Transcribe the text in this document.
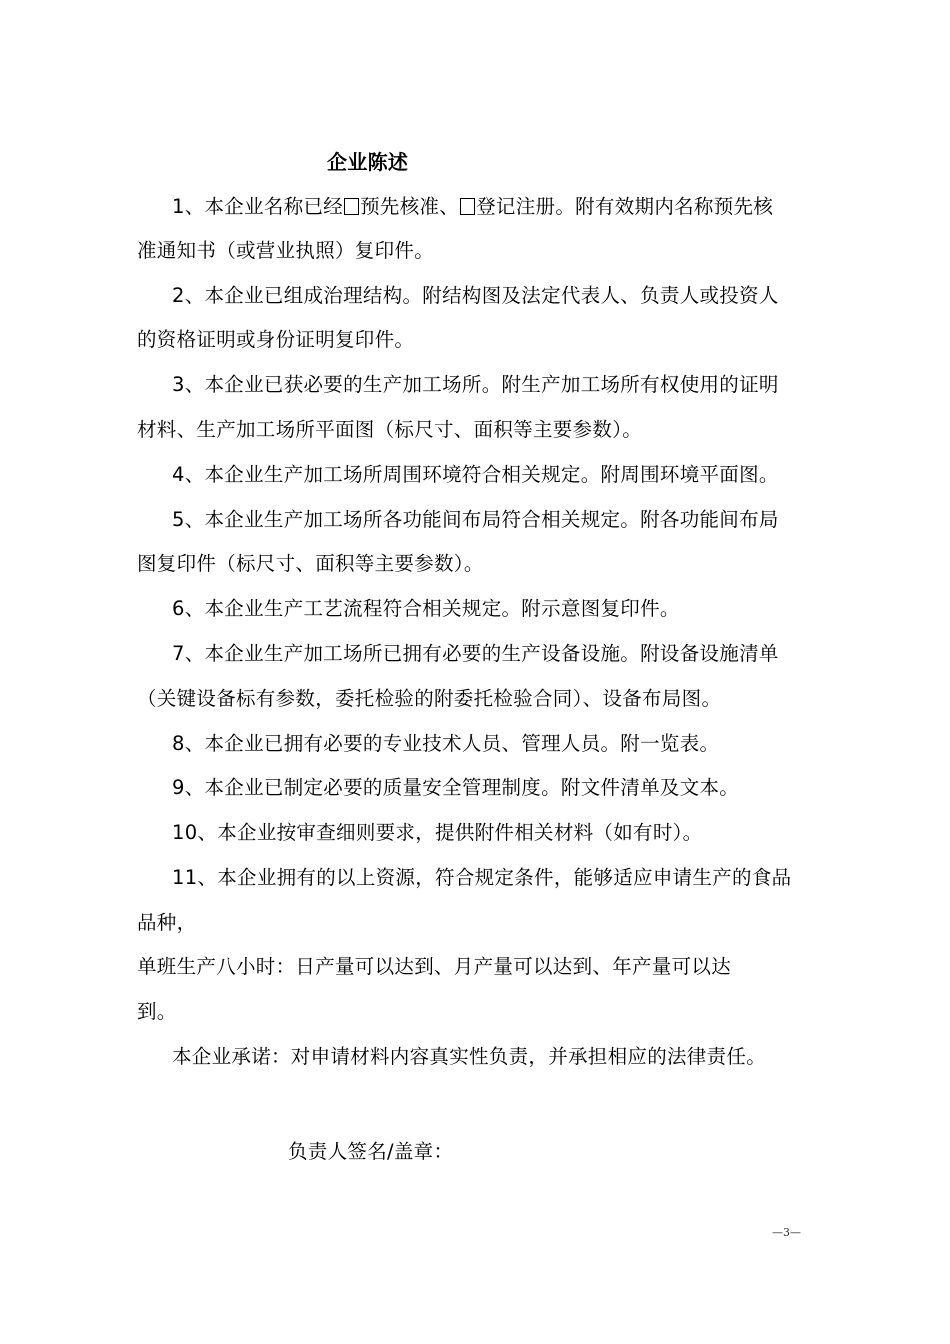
企业陈述
1、本企业名称已经 预先核准、 登记注册。附有效期内名称预先核
准通知书（或营业执照）复印件。
2、本企业已组成治理结构。附结构图及法定代表人、负责人或投资人
的资格证明或身份证明复印件。
3、本企业已获必要的生产加工场所。附生产加工场所有权使用的证明
材料、生产加工场所平面图（标尺寸、面积等主要参数）。
4、本企业生产加工场所周围环境符合相关规定。附周围环境平面图。
5、本企业生产加工场所各功能间布局符合相关规定。附各功能间布局
图复印件（标尺寸、面积等主要参数）。
6、本企业生产工艺流程符合相关规定。附示意图复印件。
7、本企业生产加工场所已拥有必要的生产设备设施。附设备设施清单
（关键设备标有参数，委托检验的附委托检验合同）、设备布局图。
8、本企业已拥有必要的专业技术人员、管理人员。附一览表。
9、本企业已制定必要的质量安全管理制度。附文件清单及文本。
10、本企业按审查细则要求，提供附件相关材料（如有时）。
11、本企业拥有的以上资源，符合规定条件，能够适应申请生产的食品
品种，
单班生产八小时：日产量可以达到、月产量可以达到、年产量可以达
到。
本企业承诺：对申请材料内容真实性负责，并承担相应的法律责任。
负责人签名/盖章：
—3—
